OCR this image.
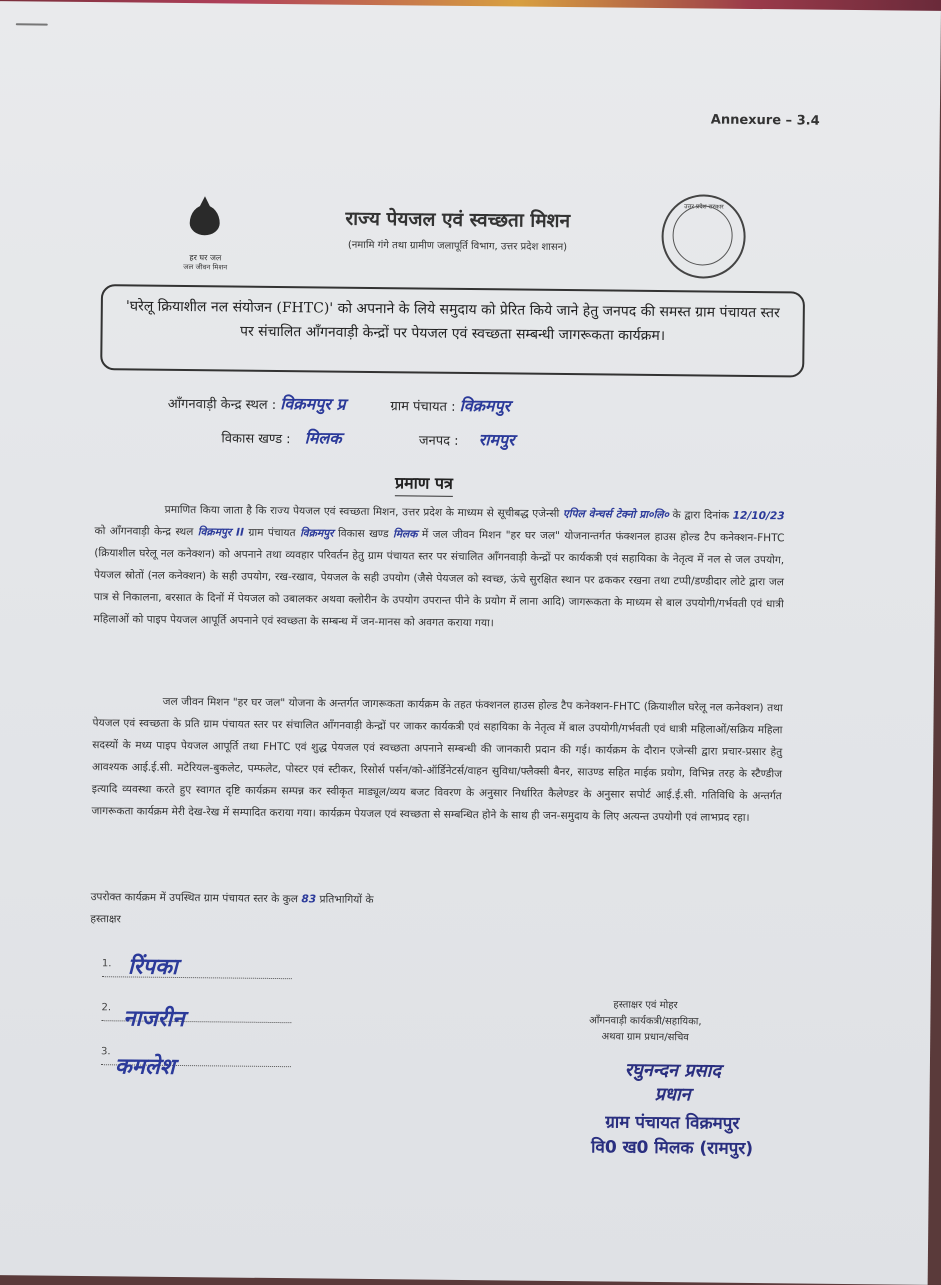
Annexure – 3.4
हर घर जल
जल जीवन मिशन
राज्य पेयजल एवं स्वच्छता मिशन
(नमामि गंगे तथा ग्रामीण जलापूर्ति विभाग, उत्तर प्रदेश शासन)
उत्तर प्रदेश सरकार
'घरेलू क्रियाशील नल संयोजन (FHTC)' को अपनाने के लिये समुदाय को प्रेरित किये जाने हेतु जनपद की समस्त ग्राम पंचायत स्तर पर संचालित आँगनवाड़ी केन्द्रों पर पेयजल एवं स्वच्छता सम्बन्धी जागरूकता कार्यक्रम।
आँगनवाड़ी केन्द्र स्थल : विक्रमपुर प्र	ग्राम पंचायत : विक्रमपुर
विकास खण्ड : मिलक	जनपद : रामपुर
प्रमाण पत्र
प्रमाणित किया जाता है कि राज्य पेयजल एवं स्वच्छता मिशन, उत्तर प्रदेश के माध्यम से सूचीबद्ध एजेन्सी एपिल वेन्चर्स टेक्नो प्रा०लि० के द्वारा दिनांक 12/10/23 को आँगनवाड़ी केन्द्र स्थल विक्रमपुर II ग्राम पंचायत विक्रमपुर विकास खण्ड मिलक में जल जीवन मिशन "हर घर जल" योजनान्तर्गत फंक्शनल हाउस होल्ड टैप कनेक्शन-FHTC (क्रियाशील घरेलू नल कनेक्शन) को अपनाने तथा व्यवहार परिवर्तन हेतु ग्राम पंचायत स्तर पर संचालित आँगनवाड़ी केन्द्रों पर कार्यकत्री एवं सहायिका के नेतृत्व में नल से जल उपयोग, पेयजल स्रोतों (नल कनेक्शन) के सही उपयोग, रख-रखाव, पेयजल के सही उपयोग (जैसे पेयजल को स्वच्छ, ऊंचे सुरक्षित स्थान पर ढककर रखना तथा टप्पी/डण्डीदार लोटे द्वारा जल पात्र से निकालना, बरसात के दिनों में पेयजल को उबालकर अथवा क्लोरीन के उपयोग उपरान्त पीने के प्रयोग में लाना आदि) जागरूकता के माध्यम से बाल उपयोगी/गर्भवती एवं धात्री महिलाओं को पाइप पेयजल आपूर्ति अपनाने एवं स्वच्छता के सम्बन्ध में जन-मानस को अवगत कराया गया।
जल जीवन मिशन "हर घर जल" योजना के अन्तर्गत जागरूकता कार्यक्रम के तहत फंक्शनल हाउस होल्ड टैप कनेक्शन-FHTC (क्रियाशील घरेलू नल कनेक्शन) तथा पेयजल एवं स्वच्छता के प्रति ग्राम पंचायत स्तर पर संचालित आँगनवाड़ी केन्द्रों पर जाकर कार्यकत्री एवं सहायिका के नेतृत्व में बाल उपयोगी/गर्भवती एवं धात्री महिलाओं/सक्रिय महिला सदस्यों के मध्य पाइप पेयजल आपूर्ति तथा FHTC एवं शुद्ध पेयजल एवं स्वच्छता अपनाने सम्बन्धी की जानकारी प्रदान की गई। कार्यक्रम के दौरान एजेन्सी द्वारा प्रचार-प्रसार हेतु आवश्यक आई.ई.सी. मटेरियल-बुकलेट, पम्फलेट, पोस्टर एवं स्टीकर, रिसोर्स पर्सन/को-ऑर्डिनेटर्स/वाहन सुविधा/फ्लैक्सी बैनर, साउण्ड सहित माईक प्रयोग, विभिन्न तरह के स्टैण्डीज इत्यादि व्यवस्था करते हुए स्वागत दृष्टि कार्यक्रम सम्पन्न कर स्वीकृत माड्यूल/व्यय बजट विवरण के अनुसार निर्धारित कैलेण्डर के अनुसार सपोर्ट आई.ई.सी. गतिविधि के अन्तर्गत जागरूकता कार्यक्रम मेरी देख-रेख में सम्पादित कराया गया। कार्यक्रम पेयजल एवं स्वच्छता से सम्बन्धित होने के साथ ही जन-समुदाय के लिए अत्यन्त उपयोगी एवं लाभप्रद रहा।
उपरोक्त कार्यक्रम में उपस्थित ग्राम पंचायत स्तर के कुल 83 प्रतिभागियों के
हस्ताक्षर
1. रिंपका
2. नाजरीन
3.
कमलेश
हस्ताक्षर एवं मोहर
आँगनवाड़ी कार्यकत्री/सहायिका,
अथवा ग्राम प्रधान/सचिव
रघुनन्दन प्रसाद
प्रधान
ग्राम पंचायत विक्रमपुर
वि0 ख0 मिलक (रामपुर)
